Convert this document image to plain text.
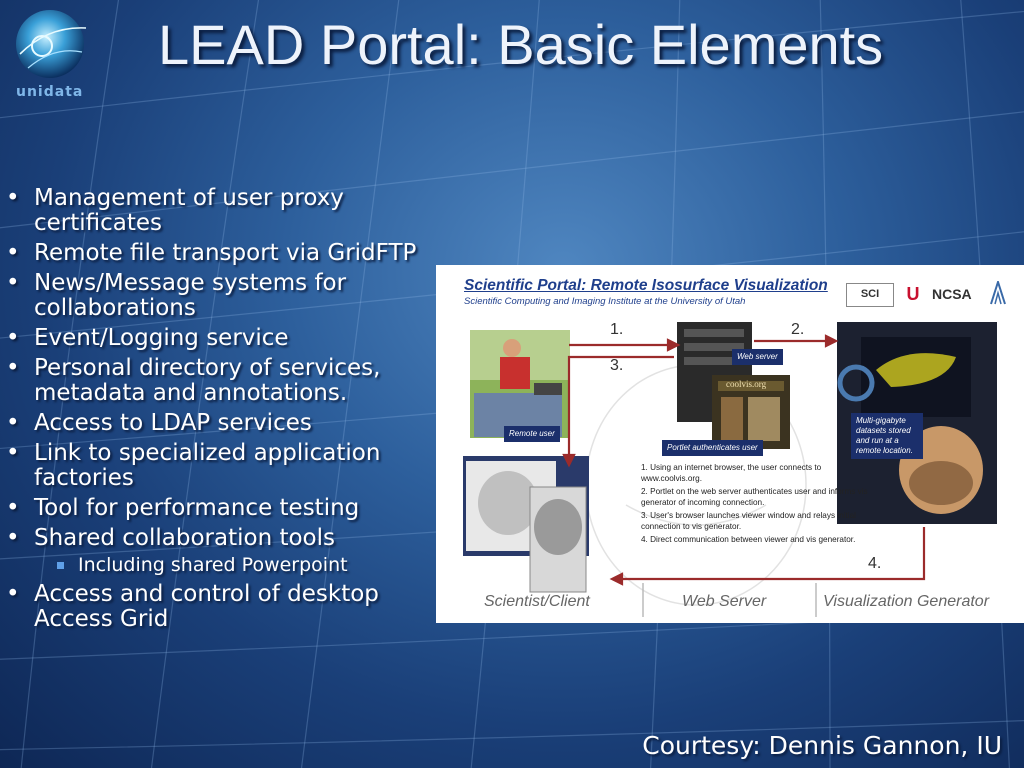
unidata
LEAD Portal: Basic Elements
• Management of user proxy certificates
• Remote file transport via GridFTP
• News/Message systems for collaborations
• Event/Logging service
• Personal directory of services, metadata and annotations.
• Access to LDAP services
• Link to specialized application factories
• Tool for performance testing
• Shared collaboration tools
Including shared Powerpoint
• Access and control of desktop Access Grid
Scientific Portal: Remote Isosurface Visualization
Scientific Computing and Imaging Institute at the University of Utah
SCI	U NCSA
1.	2.
3.
4.
Web server
Remote user
Portlet authenticates user
Multi-gigabyte datasets stored and run at a remote location.
coolvis.org
1. Using an internet browser, the user connects to www.coolvis.org.
2. Portlet on the web server authenticates user and informs vis generator of incoming connection.
3. User's browser launches viewer window and relays initial connection to vis generator.
4. Direct communication between viewer and vis generator.
Scientist/Client	Web Server	Visualization Generator
Courtesy: Dennis Gannon, IU
